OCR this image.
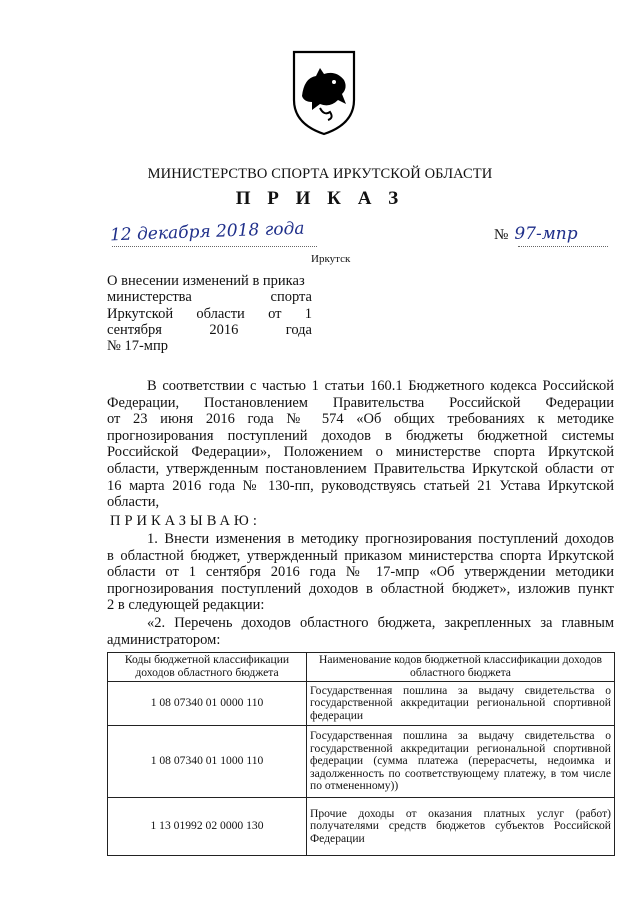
МИНИСТЕРСТВО СПОРТА ИРКУТСКОЙ ОБЛАСТИ
П Р И К А З
12 декабря 2018 года	№ 97-мпр
Иркутск
О внесении изменений в приказ
министерства спорта
Иркутской области от 1
сентября 2016 года
№ 17-мпр
В соответствии с частью 1 статьи 160.1 Бюджетного кодекса Российской
Федерации, Постановлением Правительства Российской Федерации
от 23 июня 2016 года № 574 «Об общих требованиях к методике
прогнозирования поступлений доходов в бюджеты бюджетной системы
Российской Федерации», Положением о министерстве спорта Иркутской
области, утвержденным постановлением Правительства Иркутской области от
16 марта 2016 года № 130-пп, руководствуясь статьей 21 Устава Иркутской
области,
ПРИКАЗЫВАЮ:
1. Внести изменения в методику прогнозирования поступлений доходов
в областной бюджет, утвержденный приказом министерства спорта Иркутской
области от 1 сентября 2016 года № 17-мпр «Об утверждении методики
прогнозирования поступлений доходов в областной бюджет», изложив пункт
2 в следующей редакции:
«2. Перечень доходов областного бюджета, закрепленных за главным
администратором:
Коды бюджетной классификации доходов областного бюджета	Наименование кодов бюджетной классификации доходов областного бюджета
1 08 07340 01 0000 110	Государственная пошлина за выдачу свидетельства о государственной аккредитации региональной спортивной федерации
1 08 07340 01 1000 110	Государственная пошлина за выдачу свидетельства о государственной аккредитации региональной спортивной федерации (сумма платежа (перерасчеты, недоимка и задолженность по соответствующему платежу, в том числе по отмененному))
1 13 01992 02 0000 130	Прочие доходы от оказания платных услуг (работ) получателями средств бюджетов субъектов Российской Федерации
